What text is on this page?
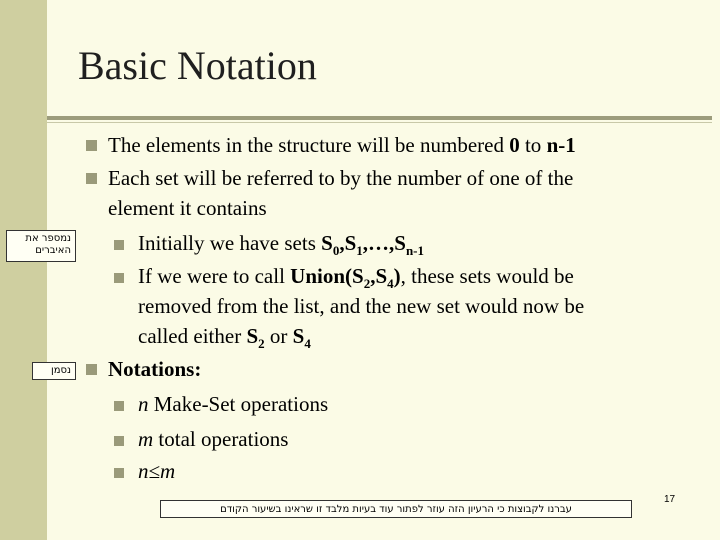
Basic Notation
The elements in the structure will be numbered 0 to n-1
Each set will be referred to by the number of one of the
element it contains
נמספר את האיברים	Initially we have sets $S_0,S_1,\dots,S_{n-1}$
If we were to call $Union(S_2,S_4)$, these sets would be
removed from the list, and the new set would now be
called either $S_2$ or $S_4$
נסמן Notations:
n Make-Set operations
m total operations
n≤m
עברנו לקבוצות כי הרעיון הזה עוזר לפתור עוד בעיות מלבד זו שראינו בשיעור הקודם
17
